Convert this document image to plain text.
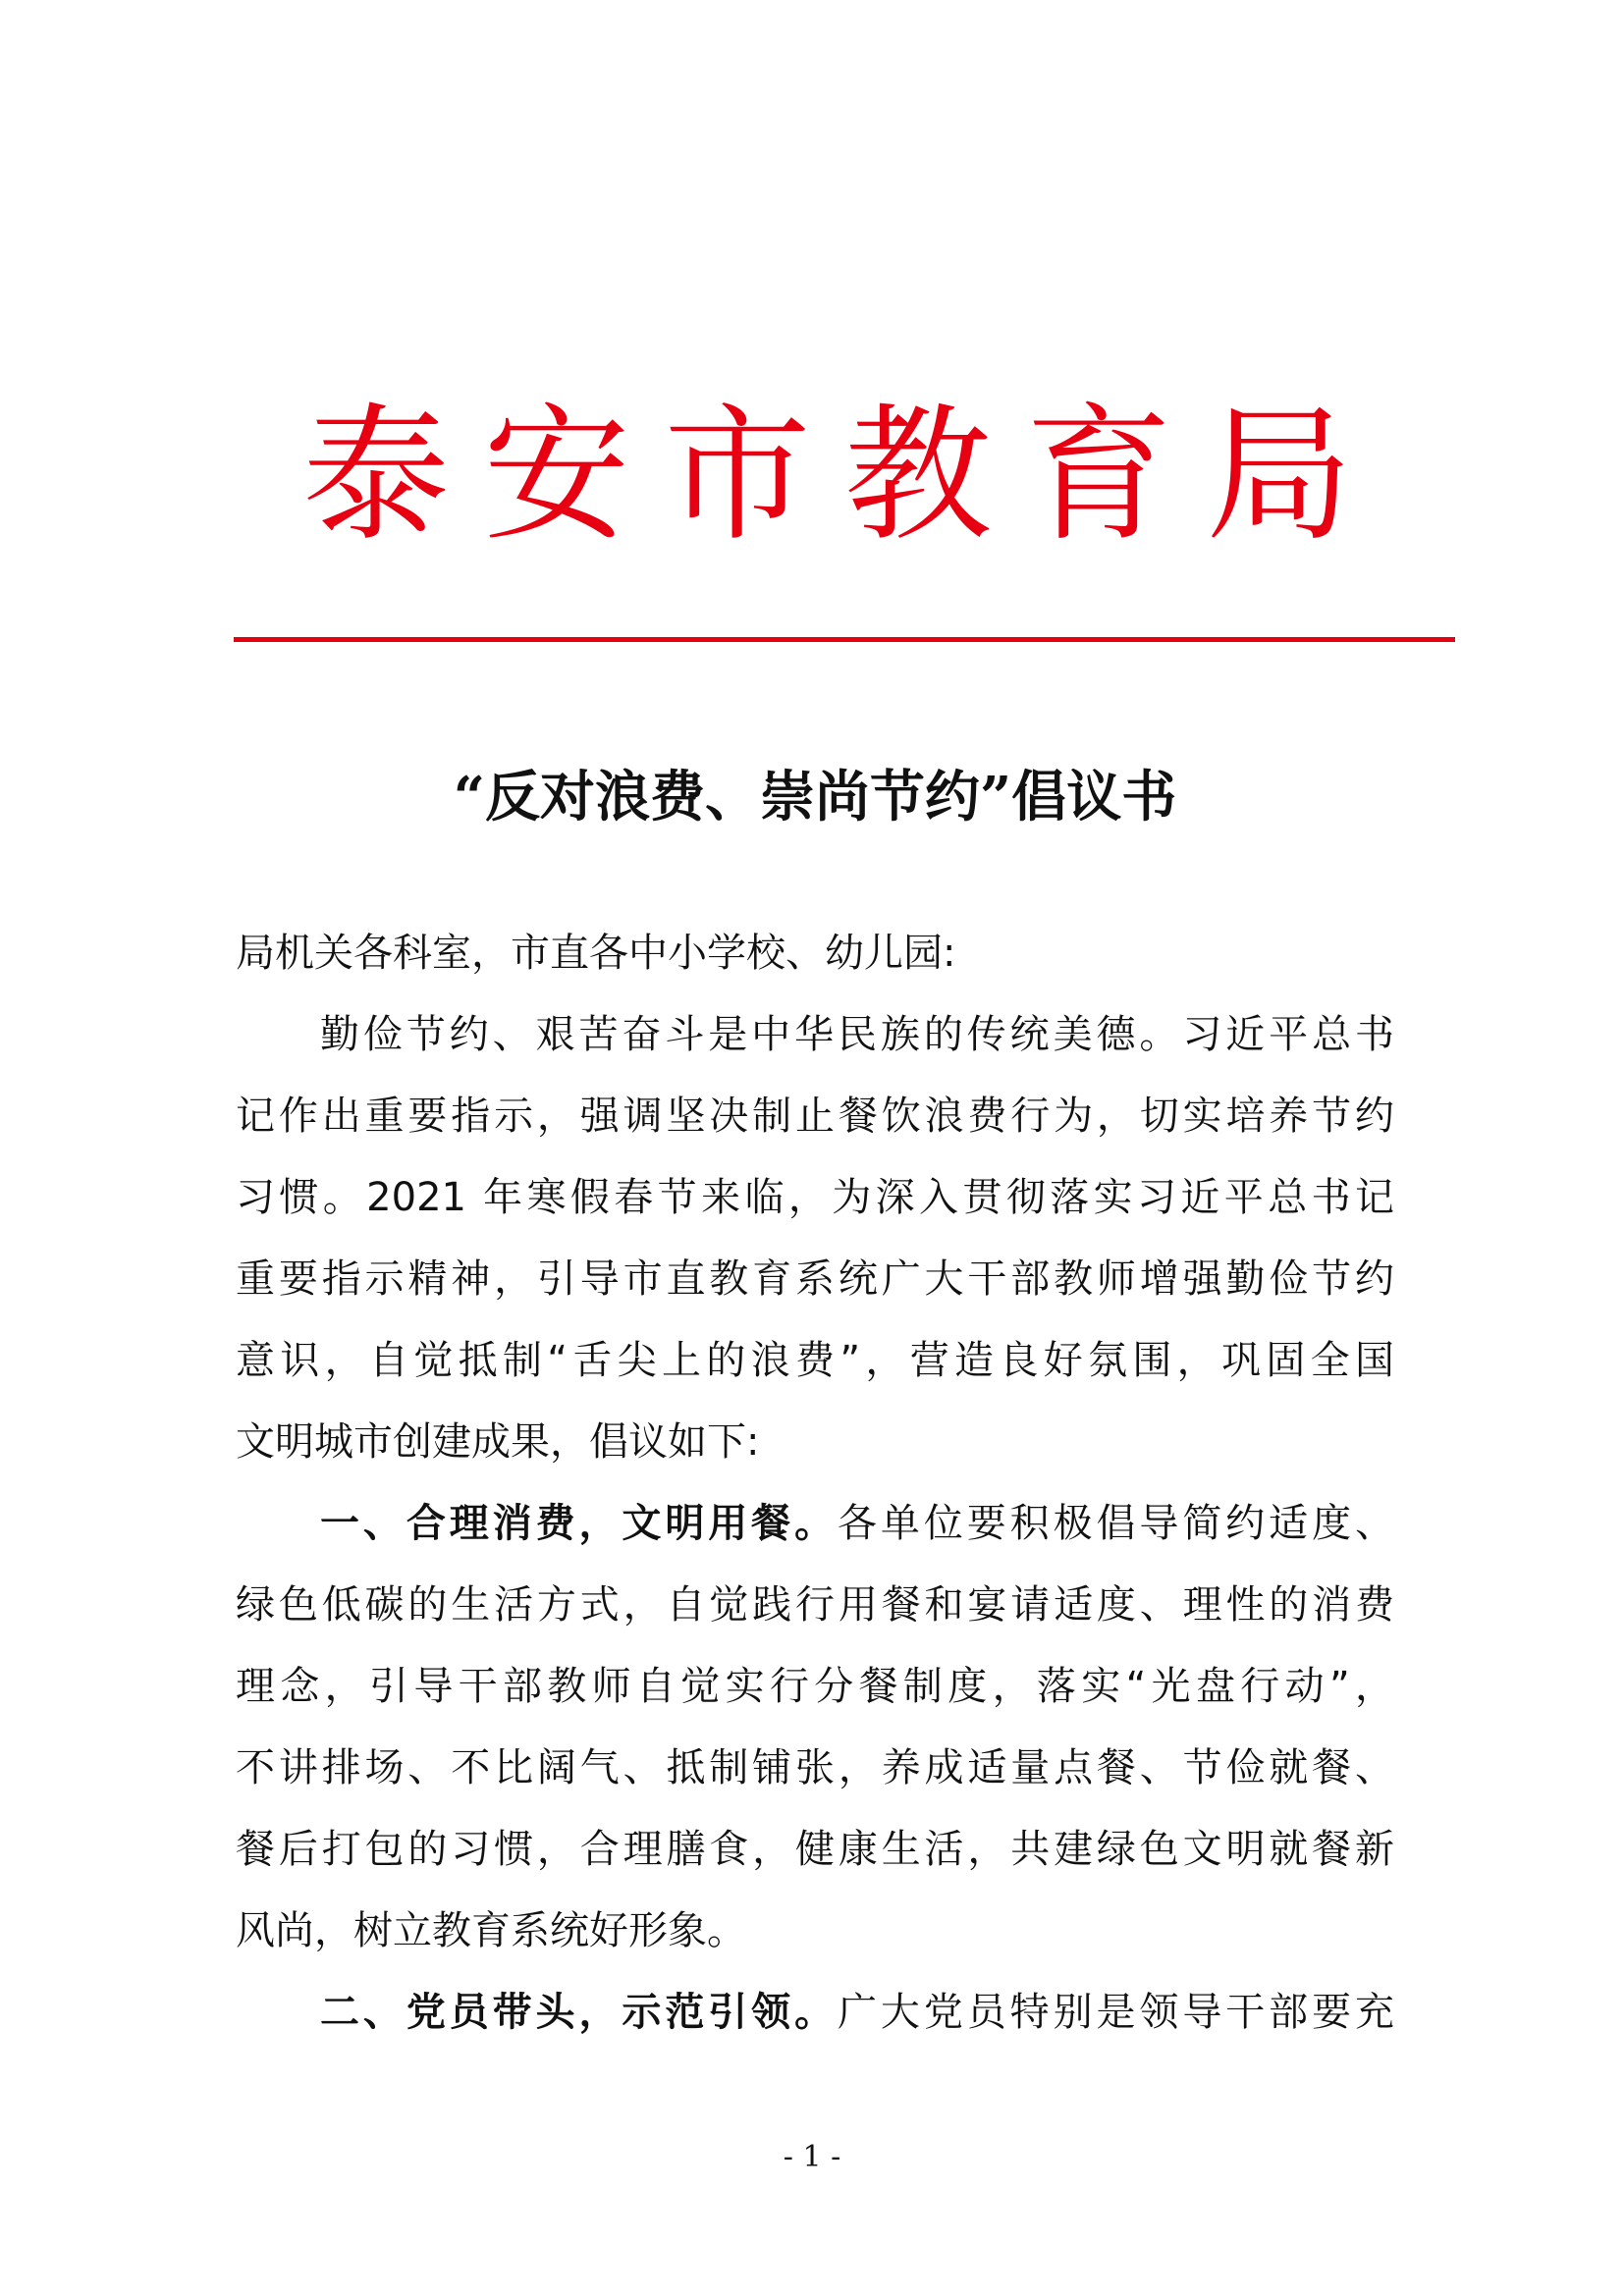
泰安市教育局
“反对浪费、崇尚节约”倡议书
局机关各科室，市直各中小学校、幼儿园:
勤俭节约、艰苦奋斗是中华民族的传统美德。习近平总书
记作出重要指示，强调坚决制止餐饮浪费行为，切实培养节约
习惯。2021 年寒假春节来临，为深入贯彻落实习近平总书记
重要指示精神，引导市直教育系统广大干部教师增强勤俭节约
意识，自觉抵制“舌尖上的浪费”，营造良好氛围，巩固全国
文明城市创建成果，倡议如下:
一、合理消费，文明用餐。各单位要积极倡导简约适度、
绿色低碳的生活方式，自觉践行用餐和宴请适度、理性的消费
理念，引导干部教师自觉实行分餐制度，落实“光盘行动”，
不讲排场、不比阔气、抵制铺张，养成适量点餐、节俭就餐、
餐后打包的习惯，合理膳食，健康生活，共建绿色文明就餐新
风尚，树立教育系统好形象。
二、党员带头，示范引领。广大党员特别是领导干部要充
- 1 -
